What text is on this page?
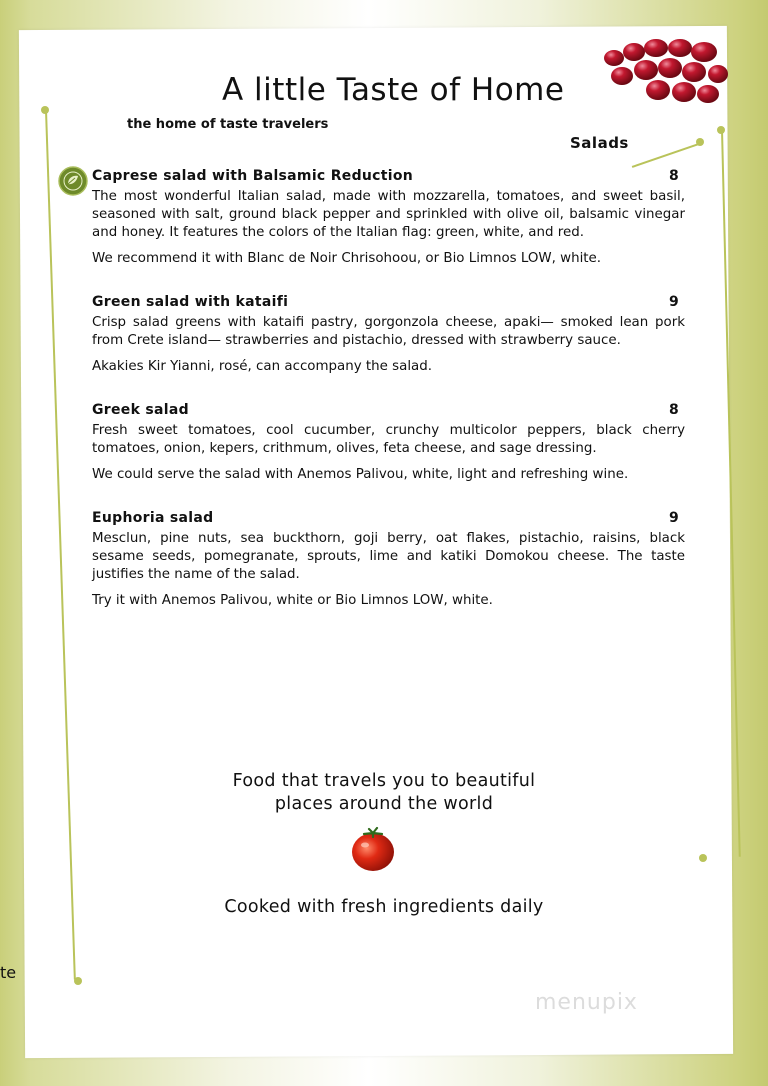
A little Taste of Home
the home of taste travelers
Salads
Caprese salad with Balsamic Reduction	8
The most wonderful Italian salad, made with mozzarella, tomatoes, and sweet basil, seasoned with salt, ground black pepper and sprinkled with olive oil, balsamic vinegar and honey. It features the colors of the Italian flag: green, white, and red.
We recommend it with Blanc de Noir Chrisohoou, or Bio Limnos LOW, white.
Green salad with kataifi	9
Crisp salad greens with kataifi pastry, gorgonzola cheese, apaki— smoked lean pork from Crete island— strawberries and pistachio, dressed with strawberry sauce.
Akakies Kir Yianni, rosé, can accompany the salad.
Greek salad	8
Fresh sweet tomatoes, cool cucumber, crunchy multicolor peppers, black cherry tomatoes, onion, kepers, crithmum, olives, feta cheese, and sage dressing.
We could serve the salad with Anemos Palivou, white, light and refreshing wine.
Euphoria salad	9
Mesclun, pine nuts, sea buckthorn, goji berry, oat flakes, pistachio, raisins, black sesame seeds, pomegranate, sprouts, lime and katiki Domokou cheese. The taste justifies the name of the salad.
Try it with Anemos Palivou, white or Bio Limnos LOW, white.
Food that travels you to beautiful
places around the world
Cooked with fresh ingredients daily
menupix
te
